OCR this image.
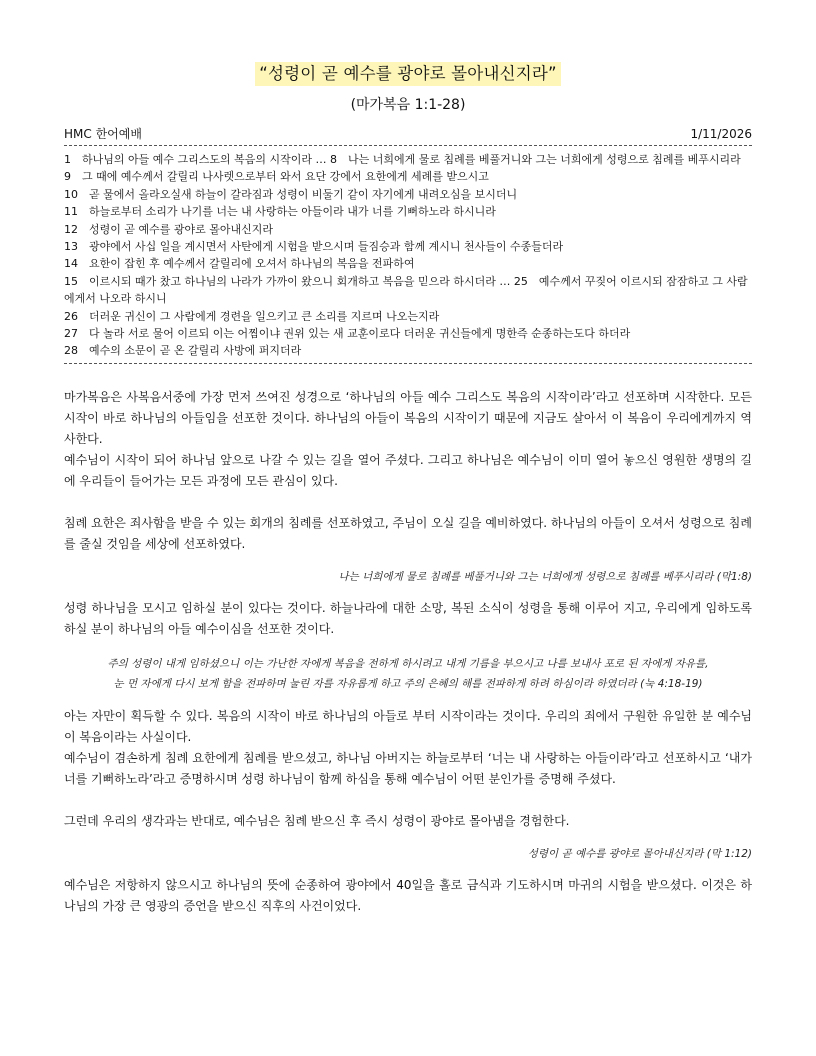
“성령이 곧 예수를 광야로 몰아내신지라”
(마가복음 1:1-28)
HMC 한어예배	1/11/2026

1　하나님의 아들 예수 그리스도의 복음의 시작이라 … 8　나는 너희에게 물로 침례를 베풀거니와 그는 너희에게 성령으로 침례를 베푸시리라

9　그 때에 예수께서 갈릴리 나사렛으로부터 와서 요단 강에서 요한에게 세례를 받으시고

10　곧 물에서 올라오실새 하늘이 갈라짐과 성령이 비둘기 같이 자기에게 내려오심을 보시더니

11　하늘로부터 소리가 나기를 너는 내 사랑하는 아들이라 내가 너를 기뻐하노라 하시니라

12　성령이 곧 예수를 광야로 몰아내신지라

13　광야에서 사십 일을 계시면서 사탄에게 시험을 받으시며 들짐승과 함께 계시니 천사들이 수종들더라

14　요한이 잡힌 후 예수께서 갈릴리에 오셔서 하나님의 복음을 전파하여

15　이르시되 때가 찼고 하나님의 나라가 가까이 왔으니 회개하고 복음을 믿으라 하시더라 … 25　예수께서 꾸짖어 이르시되 잠잠하고 그 사람에게서 나오라 하시니

26　더러운 귀신이 그 사람에게 경련을 일으키고 큰 소리를 지르며 나오는지라

27　다 놀라 서로 물어 이르되 이는 어찜이냐 권위 있는 새 교훈이로다 더러운 귀신들에게 명한즉 순종하는도다 하더라

28　예수의 소문이 곧 온 갈릴리 사방에 퍼지더라

마가복음은 사복음서중에 가장 먼저 쓰여진 성경으로 ‘하나님의 아들 예수 그리스도 복음의 시작이라’라고 선포하며 시작한다. 모든 시작이 바로 하나님의 아들임을 선포한 것이다. 하나님의 아들이 복음의 시작이기 때문에 지금도 살아서 이 복음이 우리에게까지 역사한다.

예수님이 시작이 되어 하나님 앞으로 나갈 수 있는 길을 열어 주셨다. 그리고 하나님은 예수님이 이미 열어 놓으신 영원한 생명의 길에 우리들이 들어가는 모든 과정에 모든 관심이 있다.

침례 요한은 죄사함을 받을 수 있는 회개의 침례를 선포하였고, 주님이 오실 길을 예비하였다. 하나님의 아들이 오셔서 성령으로 침례를 줄실 것임을 세상에 선포하였다.

나는 너희에게 물로 침례를 베풀거니와 그는 너희에게 성령으로 침례를 베푸시리라 (막1:8)

성령 하나님을 모시고 임하실 분이 있다는 것이다. 하늘나라에 대한 소망, 복된 소식이 성령을 통해 이루어 지고, 우리에게 임하도록 하실 분이 하나님의 아들 예수이심을 선포한 것이다.

주의 성령이 내게 임하셨으니 이는 가난한 자에게 복음을 전하게 하시려고 내게 기름을 부으시고 나를 보내사 포로 된 자에게 자유를,
눈 먼 자에게 다시 보게 함을 전파하며 눌린 자를 자유롭게 하고 주의 은혜의 해를 전파하게 하려 하심이라 하였더라 (눅 4:18-19)

아는 자만이 획득할 수 있다. 복음의 시작이 바로 하나님의 아들로 부터 시작이라는 것이다. 우리의 죄에서 구원한 유일한 분 예수님이 복음이라는 사실이다.

예수님이 겸손하게 침례 요한에게 침례를 받으셨고, 하나님 아버지는 하늘로부터 ‘너는 내 사랑하는 아들이라’라고 선포하시고 ‘내가 너를 기뻐하노라’라고 증명하시며 성령 하나님이 함께 하심을 통해 예수님이 어떤 분인가를 증명해 주셨다.

그런데 우리의 생각과는 반대로, 예수님은 침례 받으신 후 즉시 성령이 광야로 몰아냄을 경험한다.

성령이 곧 예수를 광야로 몰아내신지라 (막 1:12)

예수님은 저항하지 않으시고 하나님의 뜻에 순종하여 광야에서 40일을 홀로 금식과 기도하시며 마귀의 시험을 받으셨다. 이것은 하나님의 가장 큰 영광의 증언을 받으신 직후의 사건이었다.
